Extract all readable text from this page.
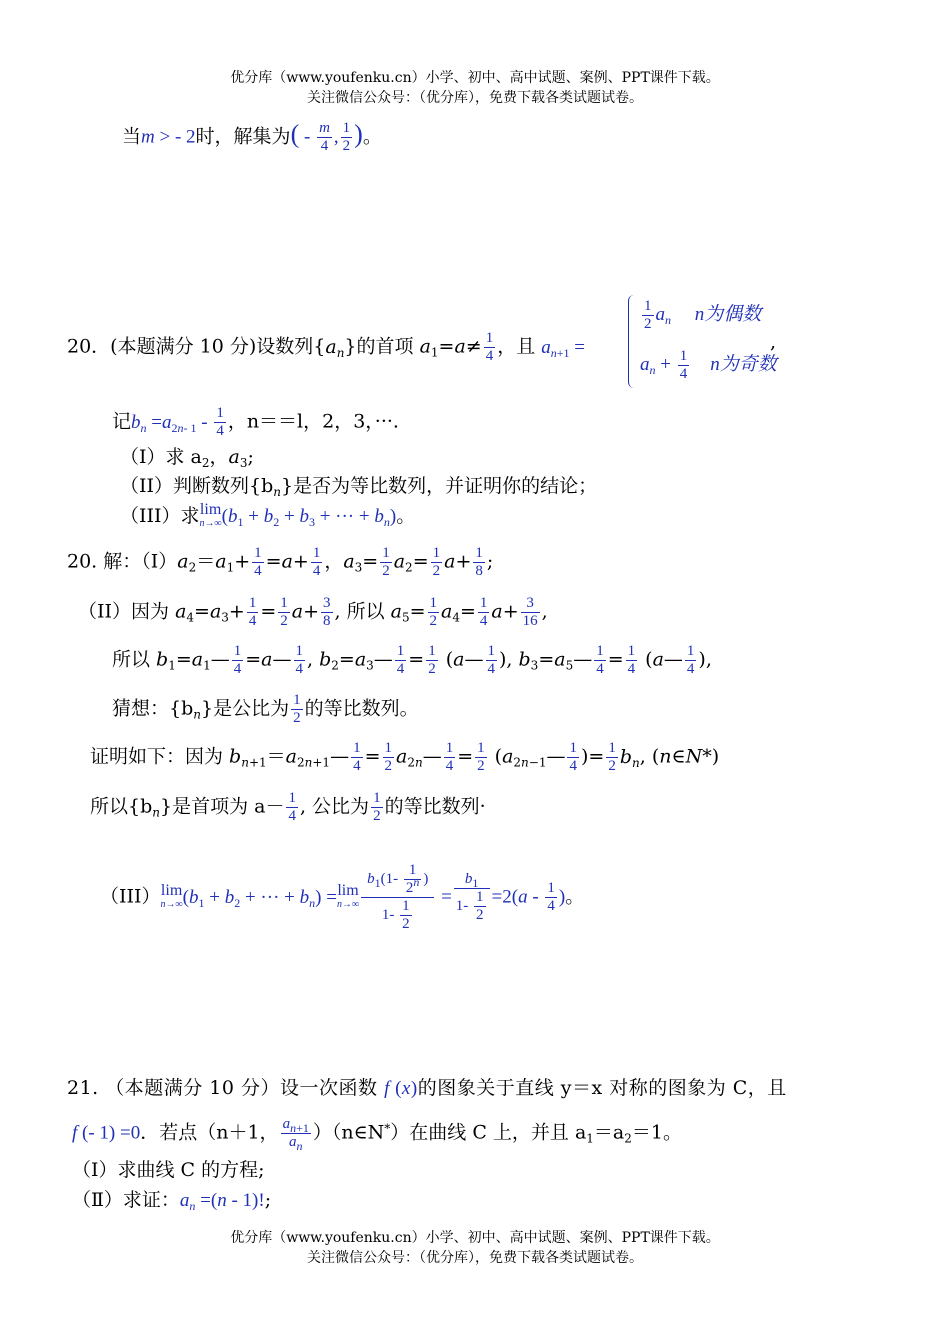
优分库（www.youfenku.cn）小学、初中、高中试题、案例、PPT课件下载。
关注微信公众号：（优分库），免费下载各类试题试卷。
当m > - 2时，解集为( - $\frac{m}{4}$ , $\frac{1}{2}$ )。
20．(本题满分 10 分)设数列$\{a_n\}$的首项 $a_1=a\ne \frac{1}{4}$ ，且 $a_{n+1}$ =
$\frac{1}{2} a_n$ n为偶数
$a_n + \frac{1}{4}$ n为奇数
,
记$b_n =a_{2n- 1} - \frac{1}{4}$ ，n＝＝l，2，3，···.
（I）求 $a_2$，$a_3$;
（II）判断数列$\{b_n\}$是否为等比数列，并证明你的结论；
（III）求lim
n→∞ ($b_1 + b_2 + b_3$ + ··· + $b_n$)。
20. 解：$(I)a_2=a_1+ \frac{1}{4} =a+ \frac{1}{4}$ ，$a_3= \frac{1}{2} a_2= \frac{1}{2} a+ \frac{1}{8}$ ;
（II）因为 $a_4=a_3+ \frac{1}{4} = \frac{1}{2} a+ \frac{3}{8}$ , 所以 $a_5= \frac{1}{2} a_4= \frac{1}{4} a+ \frac{3}{16}$ ,
所以 $b_1=a_1— \frac{1}{4}$ =a— $\frac{1}{4}$ , $b_2=a_3— \frac{1}{4} = \frac{1}{2}$ (a— $\frac{1}{4}$ ), $b_3=a_5— \frac{1}{4} = \frac{1}{4}$ (a— $\frac{1}{4}$ ),
猜想：$\{b_n\}$是公比为 $\frac{1}{2}$ 的等比数列。
证明如下：因为 $b_{n+1}=a_{2n+1}— \frac{1}{4} = \frac{1}{2}$ $a_{2n}— \frac{1}{4} = \frac{1}{2}$ ($a_{2n-1}— \frac{1}{4}$ )= $\frac{1}{2} b_n$, (n∈N*)
所以$\{b_n\}$是首项为 $a- \frac{1}{4}$ , 公比为 $\frac{1}{2}$ 的等比数列·
（III）lim
n→∞ ($b_1 + b_2$ + ··· + $b_n) =\lim$
$n\to\infty \frac{b_1(1- \frac{1}{2^n} )}{1- \frac{1}{2}} = \frac{b_1}{1- \frac{1}{2}} =2(a - \frac{1}{4}$ )。
21. （本题满分 10 分）设一次函数 f (x)的图象关于直线 y＝x 对称的图象为 C，且
f (- 1) =0．若点（n＋1， $\frac{a_{n+1}}{a_n}$ ）（n∈N*）在曲线 C 上，并且 $a_1=a_2=1$。
（Ⅰ）求曲线 C 的方程;
（Ⅱ）求证：$a_n =(n - 1)$!;
优分库（www.youfenku.cn）小学、初中、高中试题、案例、PPT课件下载。
关注微信公众号：（优分库），免费下载各类试题试卷。
